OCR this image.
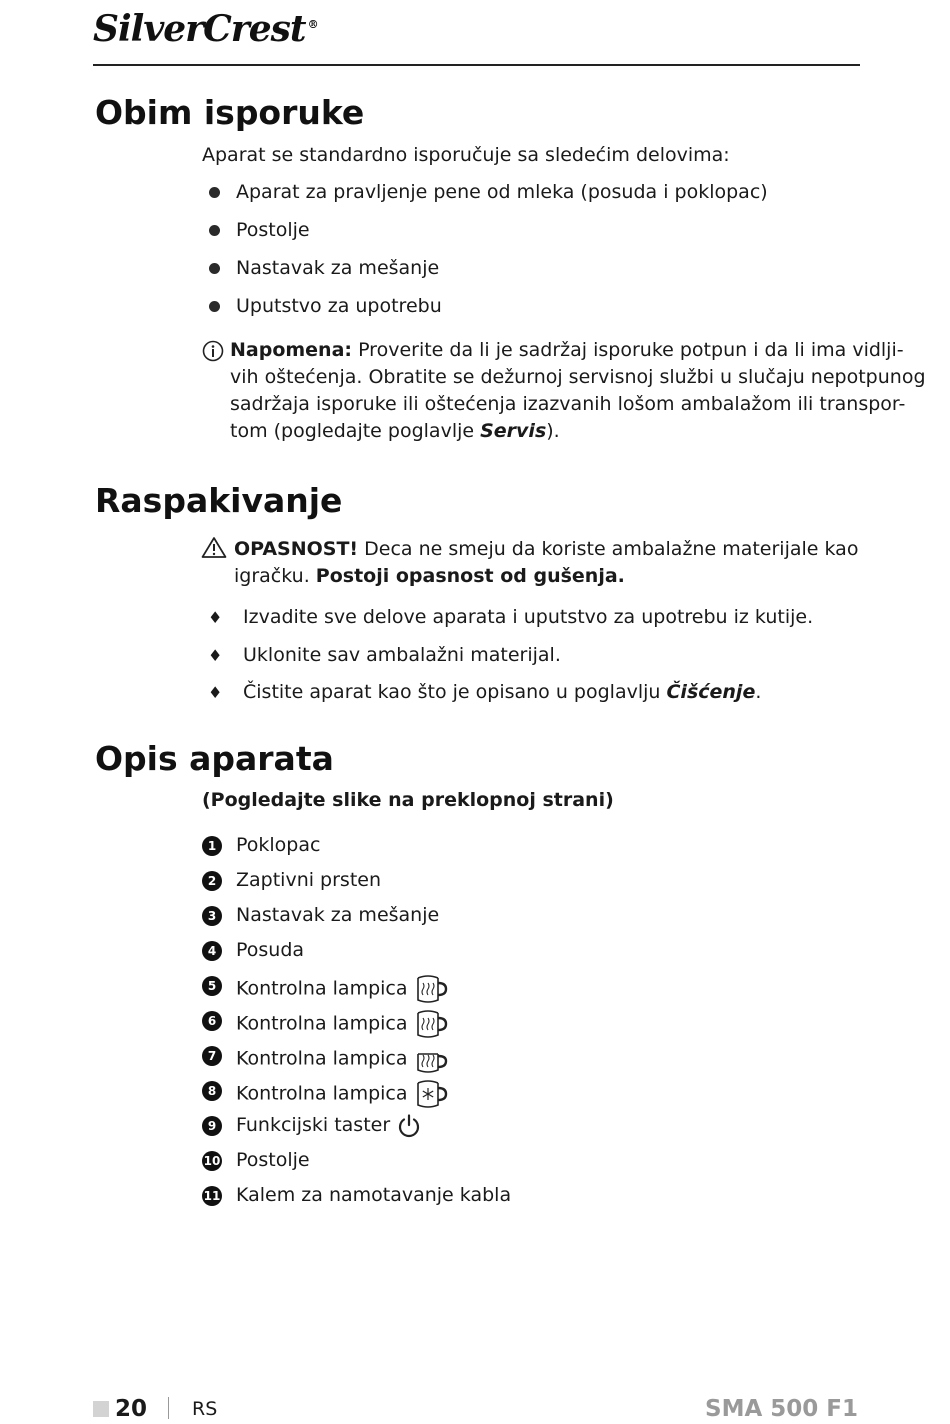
SilverCrest ®
Obim isporuke
Aparat se standardno isporučuje sa sledećim delovima:
Aparat za pravljenje pene od mleka (posuda i poklopac)
Postolje
Nastavak za mešanje
Uputstvo za upotrebu
Napomena: Proverite da li je sadržaj isporuke potpun i da li ima vidlji-
vih oštećenja. Obratite se dežurnoj servisnoj službi u slučaju nepotpunog
sadržaja isporuke ili oštećenja izazvanih lošom ambalažom ili transpor-
tom (pogledajte poglavlje Servis).
Raspakivanje
OPASNOST! Deca ne smeju da koriste ambalažne materijale kao
igračku. Postoji opasnost od gušenja.
♦ Izvadite sve delove aparata i uputstvo za upotrebu iz kutije.
♦ Uklonite sav ambalažni materijal.
♦ Čistite aparat kao što je opisano u poglavlju Čišćenje.
Opis aparata
(Pogledajte slike na preklopnoj strani)
1	Poklopac
2	Zaptivni prsten
3	Nastavak za mešanje
4	Posuda
5	Kontrolna lampica
6	Kontrolna lampica
7	Kontrolna lampica
8	Kontrolna lampica
9	Funkcijski taster
10 Postolje
11 Kalem za namotavanje kabla
20 RS	SMA 500 F1
